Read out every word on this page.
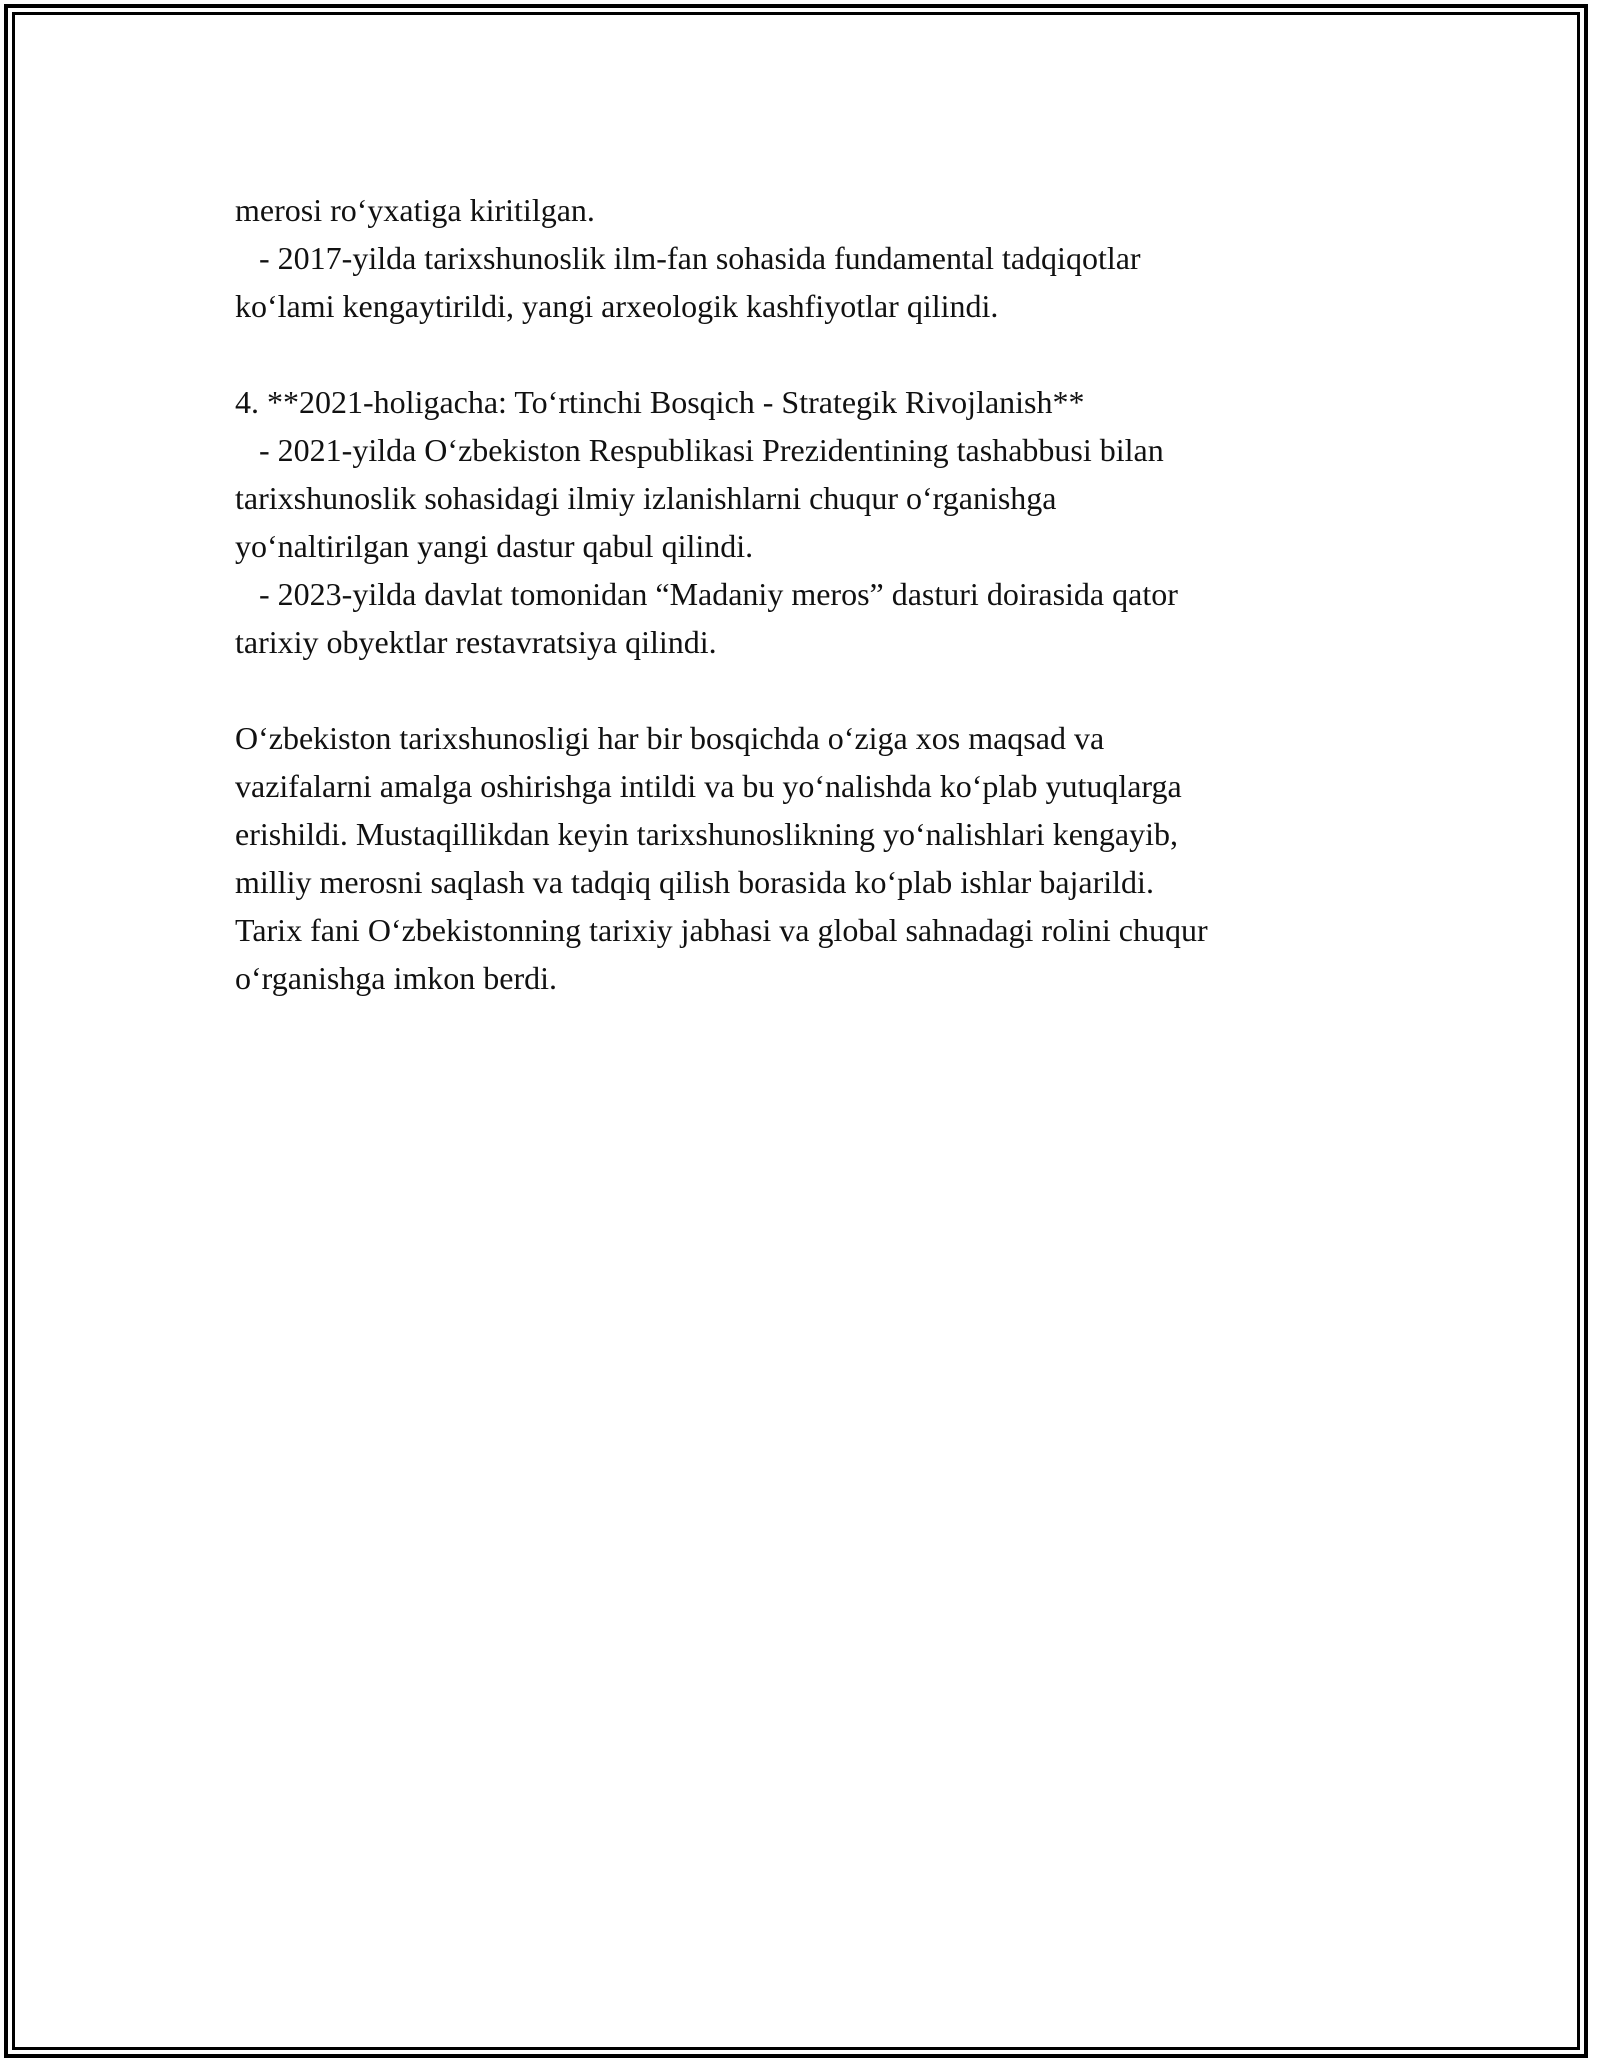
merosi ro‘yxatiga kiritilgan.
- 2017-yilda tarixshunoslik ilm-fan sohasida fundamental tadqiqotlar
ko‘lami kengaytirildi, yangi arxeologik kashfiyotlar qilindi.
4. **2021-holigacha: To‘rtinchi Bosqich - Strategik Rivojlanish**
- 2021-yilda O‘zbekiston Respublikasi Prezidentining tashabbusi bilan
tarixshunoslik sohasidagi ilmiy izlanishlarni chuqur o‘rganishga
yo‘naltirilgan yangi dastur qabul qilindi.
- 2023-yilda davlat tomonidan “Madaniy meros” dasturi doirasida qator
tarixiy obyektlar restavratsiya qilindi.
O‘zbekiston tarixshunosligi har bir bosqichda o‘ziga xos maqsad va
vazifalarni amalga oshirishga intildi va bu yo‘nalishda ko‘plab yutuqlarga
erishildi. Mustaqillikdan keyin tarixshunoslikning yo‘nalishlari kengayib,
milliy merosni saqlash va tadqiq qilish borasida ko‘plab ishlar bajarildi.
Tarix fani O‘zbekistonning tarixiy jabhasi va global sahnadagi rolini chuqur
o‘rganishga imkon berdi.
